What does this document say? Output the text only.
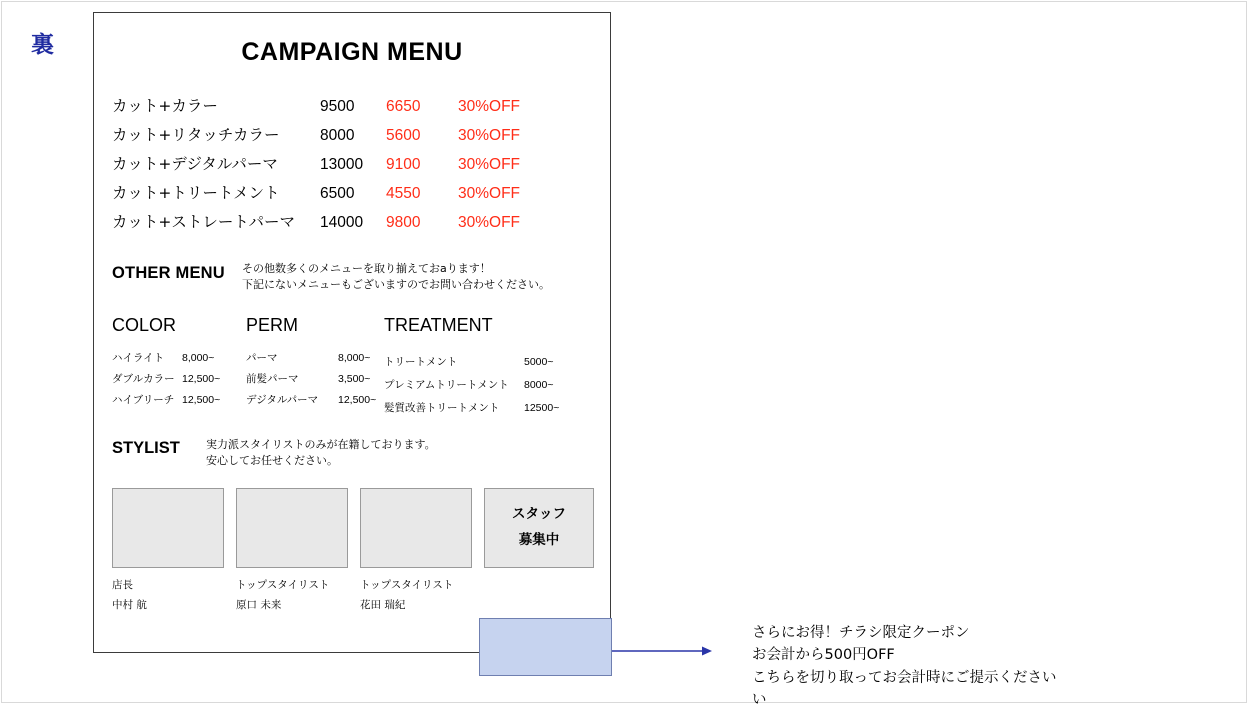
裏	CAMPAIGN MENU
カット+カラー	9500	6650	30%OFF
カット+リタッチカラー	8000	5600	30%OFF
カット+デジタルパーマ	13000	9100	30%OFF
カット+トリートメント	6500	4550	30%OFF
カット+ストレートパーマ	14000	9800	30%OFF
OTHER MENU	その他数多くのメニューを取り揃えておaります！
下記にないメニューもございますのでお問い合わせください。
COLOR
ハイライト	8,000~
ダブルカラー 12,500~
ハイブリーチ 12,500~
PERM
パーマ	8,000~
前髪パーマ	3,500~
デジタルパーマ	12,500~
TREATMENT
トリートメント	5000~
プレミアムトリートメント	8000~
髪質改善トリートメント	12500~
STYLIST	実力派スタイリストのみが在籍しております。
安心してお任せください。
店長
中村 航
トップスタイリスト
原口 未来
トップスタイリスト
花田 瑞紀
スタッフ
募集中
さらにお得！チラシ限定クーポン
お会計から500円OFF
こちらを切り取ってお会計時にご提示ください
い
